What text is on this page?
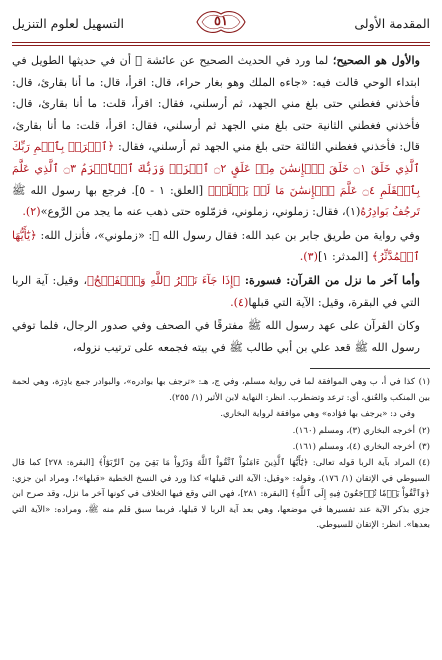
المقدمة الأولى
٥١
التسهيل لعلوم التنزيل

والأول هو الصحيح؛ لما ورد في الحديث الصحيح عن عائشة ﷺ أن في حديثها الطويل في ابتداء الوحي قالت فيه: «جاءه الملك وهو بغار حراء، قال: اقرأ، قال: ما أنا بقارئ، قال: فأخذني فغطني حتى بلغ مني الجهد، ثم أرسلني، فقال: اقرأ، قلت: ما أنا بقارئ، قال: فأخذني فغطني الثانية حتى بلغ مني الجهد ثم أرسلني، فقال: اقرأ، قلت: ما أنا بقارئ، قال: فأخذني فغطني الثالثة حتى بلغ مني الجهد ثم أرسلني، فقال: ﴿ٱقۡرَأۡ بِٱسۡمِ رَبِّكَ ٱلَّذِي خَلَقَ ۝١ خَلَقَ ٱلۡإِنسَٰنَ مِنۡ عَلَقٍ ۝٢ ٱقۡرَأۡ وَرَبُّكَ ٱلۡأَكۡرَمُ ۝٣ ٱلَّذِي عَلَّمَ بِٱلۡقَلَمِ ۝٤ عَلَّمَ ٱلۡإِنسَٰنَ مَا لَمۡ يَعۡلَمۡ﴾ [العلق: ١ - ٥]. فرجع بها رسول الله ﷺ تَرجُفُ بَوادِرُهُ(١)، فقال: زملوني، زملوني، فزمّلوه حتى ذهب عنه ما يجد من الرَّوع»(٢).

وفي رواية من طريق جابر بن عبد الله: فقال رسول الله ﷺ: «زملوني»، فأنزل الله: ﴿يَٰٓأَيُّهَا ٱلۡمُدَّثِّرُ﴾ [المدثر: ١](٣).

وأما آخر ما نزل من القرآن: فسورة: ﴿إِذَا جَآءَ نَصۡرُ ٱللَّهِ وَٱلۡفَتۡحُ﴾، وقيل: آية الربا التي في البقرة، وقيل: الآية التي قبلها(٤).

وكان القرآن على عهد رسول الله ﷺ مفترقًا في الصحف وفي صدور الرجال، فلما توفي رسول الله ﷺ قعد علي بن أبي طالب ﷺ في بيته فجمعه على ترتيب نزوله،

(١)كذا في أ، ب وهي الموافقة لما في رواية مسلم، وفي ج، هـ: «ترجف بها بوادره»، والبوادر جمع بادِرَة، وهي لحمة بين المنكب والعُنق، أي: ترعد وتضطرب. انظر: النهاية لابن الأثير (١/ ٢٥٥).
وفي د: «يرجف بها فؤاده» وهي موافقة لرواية البخاري.
(٢)أخرجه البخاري (٣)، ومسلم (١٦٠).
(٣)أخرجه البخاري (٤)، ومسلم (١٦١).
(٤)المراد بآية الربا قوله تعالى: ﴿يَٰٓأَيُّهَا ٱلَّذِينَ ءَامَنُواْ ٱتَّقُواْ ٱللَّهَ وَذَرُواْ مَا بَقِيَ مِنَ ٱلرِّبَوٰٓاْ﴾ [البقرة: ٢٧٨] كما قال السيوطي في الإتقان (١/ ١٧٦)، وقوله: «وقيل: الآية التي قبلها» كذا ورد في النسخ الخطية «قبلها»!، ومراد ابن جزي: ﴿وَٱتَّقُواْ يَوۡمٗا تُرۡجَعُونَ فِيهِ إِلَى ٱللَّهِ﴾ [البقرة: ٢٨١]، فهي التي وقع فيها الخلاف في كونها آخر ما نزل، وقد صرح ابن جزي بذكر الآية عند تفسيرها في موضعها، وهي بعد آية الربا لا قبلها، فربما سبق قلم منه ﷺ، ومراده: «الآية التي بعدها». انظر: الإتقان للسيوطي.
